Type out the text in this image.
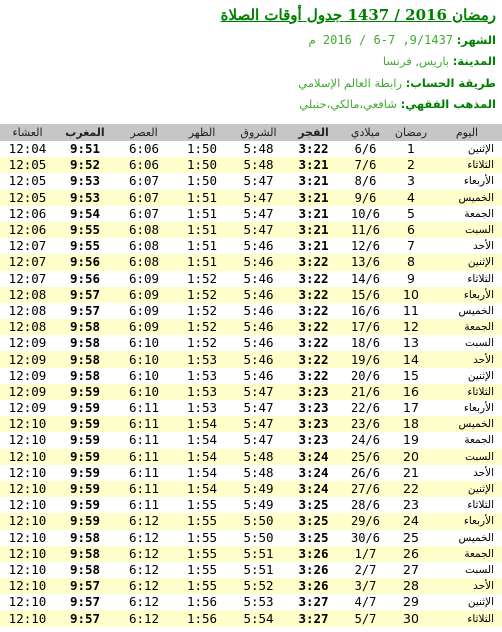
رمضان 2016 / 1437 جدول أوقات الصلاة
الشهر: 9/1437, 7-6 / 2016 م
المدينة: باريس, فرنسا
طريقة الحساب: رابطة العالم الإسلامي
المذهب الفقهي: شافعي،مالكي،حنبلي
العشاء	المغرب	العصر	الظهر	الشروق	الفجر	ميلادي	رمضان	اليوم
12:04	9:51	6:06	1:50	5:48	3:22	6/6	1	الإثنين
12:05	9:52	6:06	1:50	5:48	3:21	7/6	2	الثلاثاء
12:05	9:53	6:07	1:50	5:47	3:21	8/6	3	الأربعاء
12:05	9:53	6:07	1:51	5:47	3:21	9/6	4	الخميس
12:06	9:54	6:07	1:51	5:47	3:21	10/6	5	الجمعة
12:06	9:55	6:08	1:51	5:47	3:21	11/6	6	السبت
12:07	9:55	6:08	1:51	5:46	3:21	12/6	7	الأحد
12:07	9:56	6:08	1:51	5:46	3:22	13/6	8	الإثنين
12:07	9:56	6:09	1:52	5:46	3:22	14/6	9	الثلاثاء
12:08	9:57	6:09	1:52	5:46	3:22	15/6	10	الأربعاء
12:08	9:57	6:09	1:52	5:46	3:22	16/6	11	الخميس
12:08	9:58	6:09	1:52	5:46	3:22	17/6	12	الجمعة
12:09	9:58	6:10	1:52	5:46	3:22	18/6	13	السبت
12:09	9:58	6:10	1:53	5:46	3:22	19/6	14	الأحد
12:09	9:58	6:10	1:53	5:46	3:22	20/6	15	الإثنين
12:09	9:59	6:10	1:53	5:47	3:23	21/6	16	الثلاثاء
12:09	9:59	6:11	1:53	5:47	3:23	22/6	17	الأربعاء
12:10	9:59	6:11	1:54	5:47	3:23	23/6	18	الخميس
12:10	9:59	6:11	1:54	5:47	3:23	24/6	19	الجمعة
12:10	9:59	6:11	1:54	5:48	3:24	25/6	20	السبت
12:10	9:59	6:11	1:54	5:48	3:24	26/6	21	الأحد
12:10	9:59	6:11	1:54	5:49	3:24	27/6	22	الإثنين
12:10	9:59	6:11	1:55	5:49	3:25	28/6	23	الثلاثاء
12:10	9:59	6:12	1:55	5:50	3:25	29/6	24	الأربعاء
12:10	9:58	6:12	1:55	5:50	3:25	30/6	25	الخميس
12:10	9:58	6:12	1:55	5:51	3:26	1/7	26	الجمعة
12:10	9:58	6:12	1:55	5:51	3:26	2/7	27	السبت
12:10	9:57	6:12	1:55	5:52	3:26	3/7	28	الأحد
12:10	9:57	6:12	1:56	5:53	3:27	4/7	29	الإثنين
12:10	9:57	6:12	1:56	5:54	3:27	5/7	30	الثلاثاء
